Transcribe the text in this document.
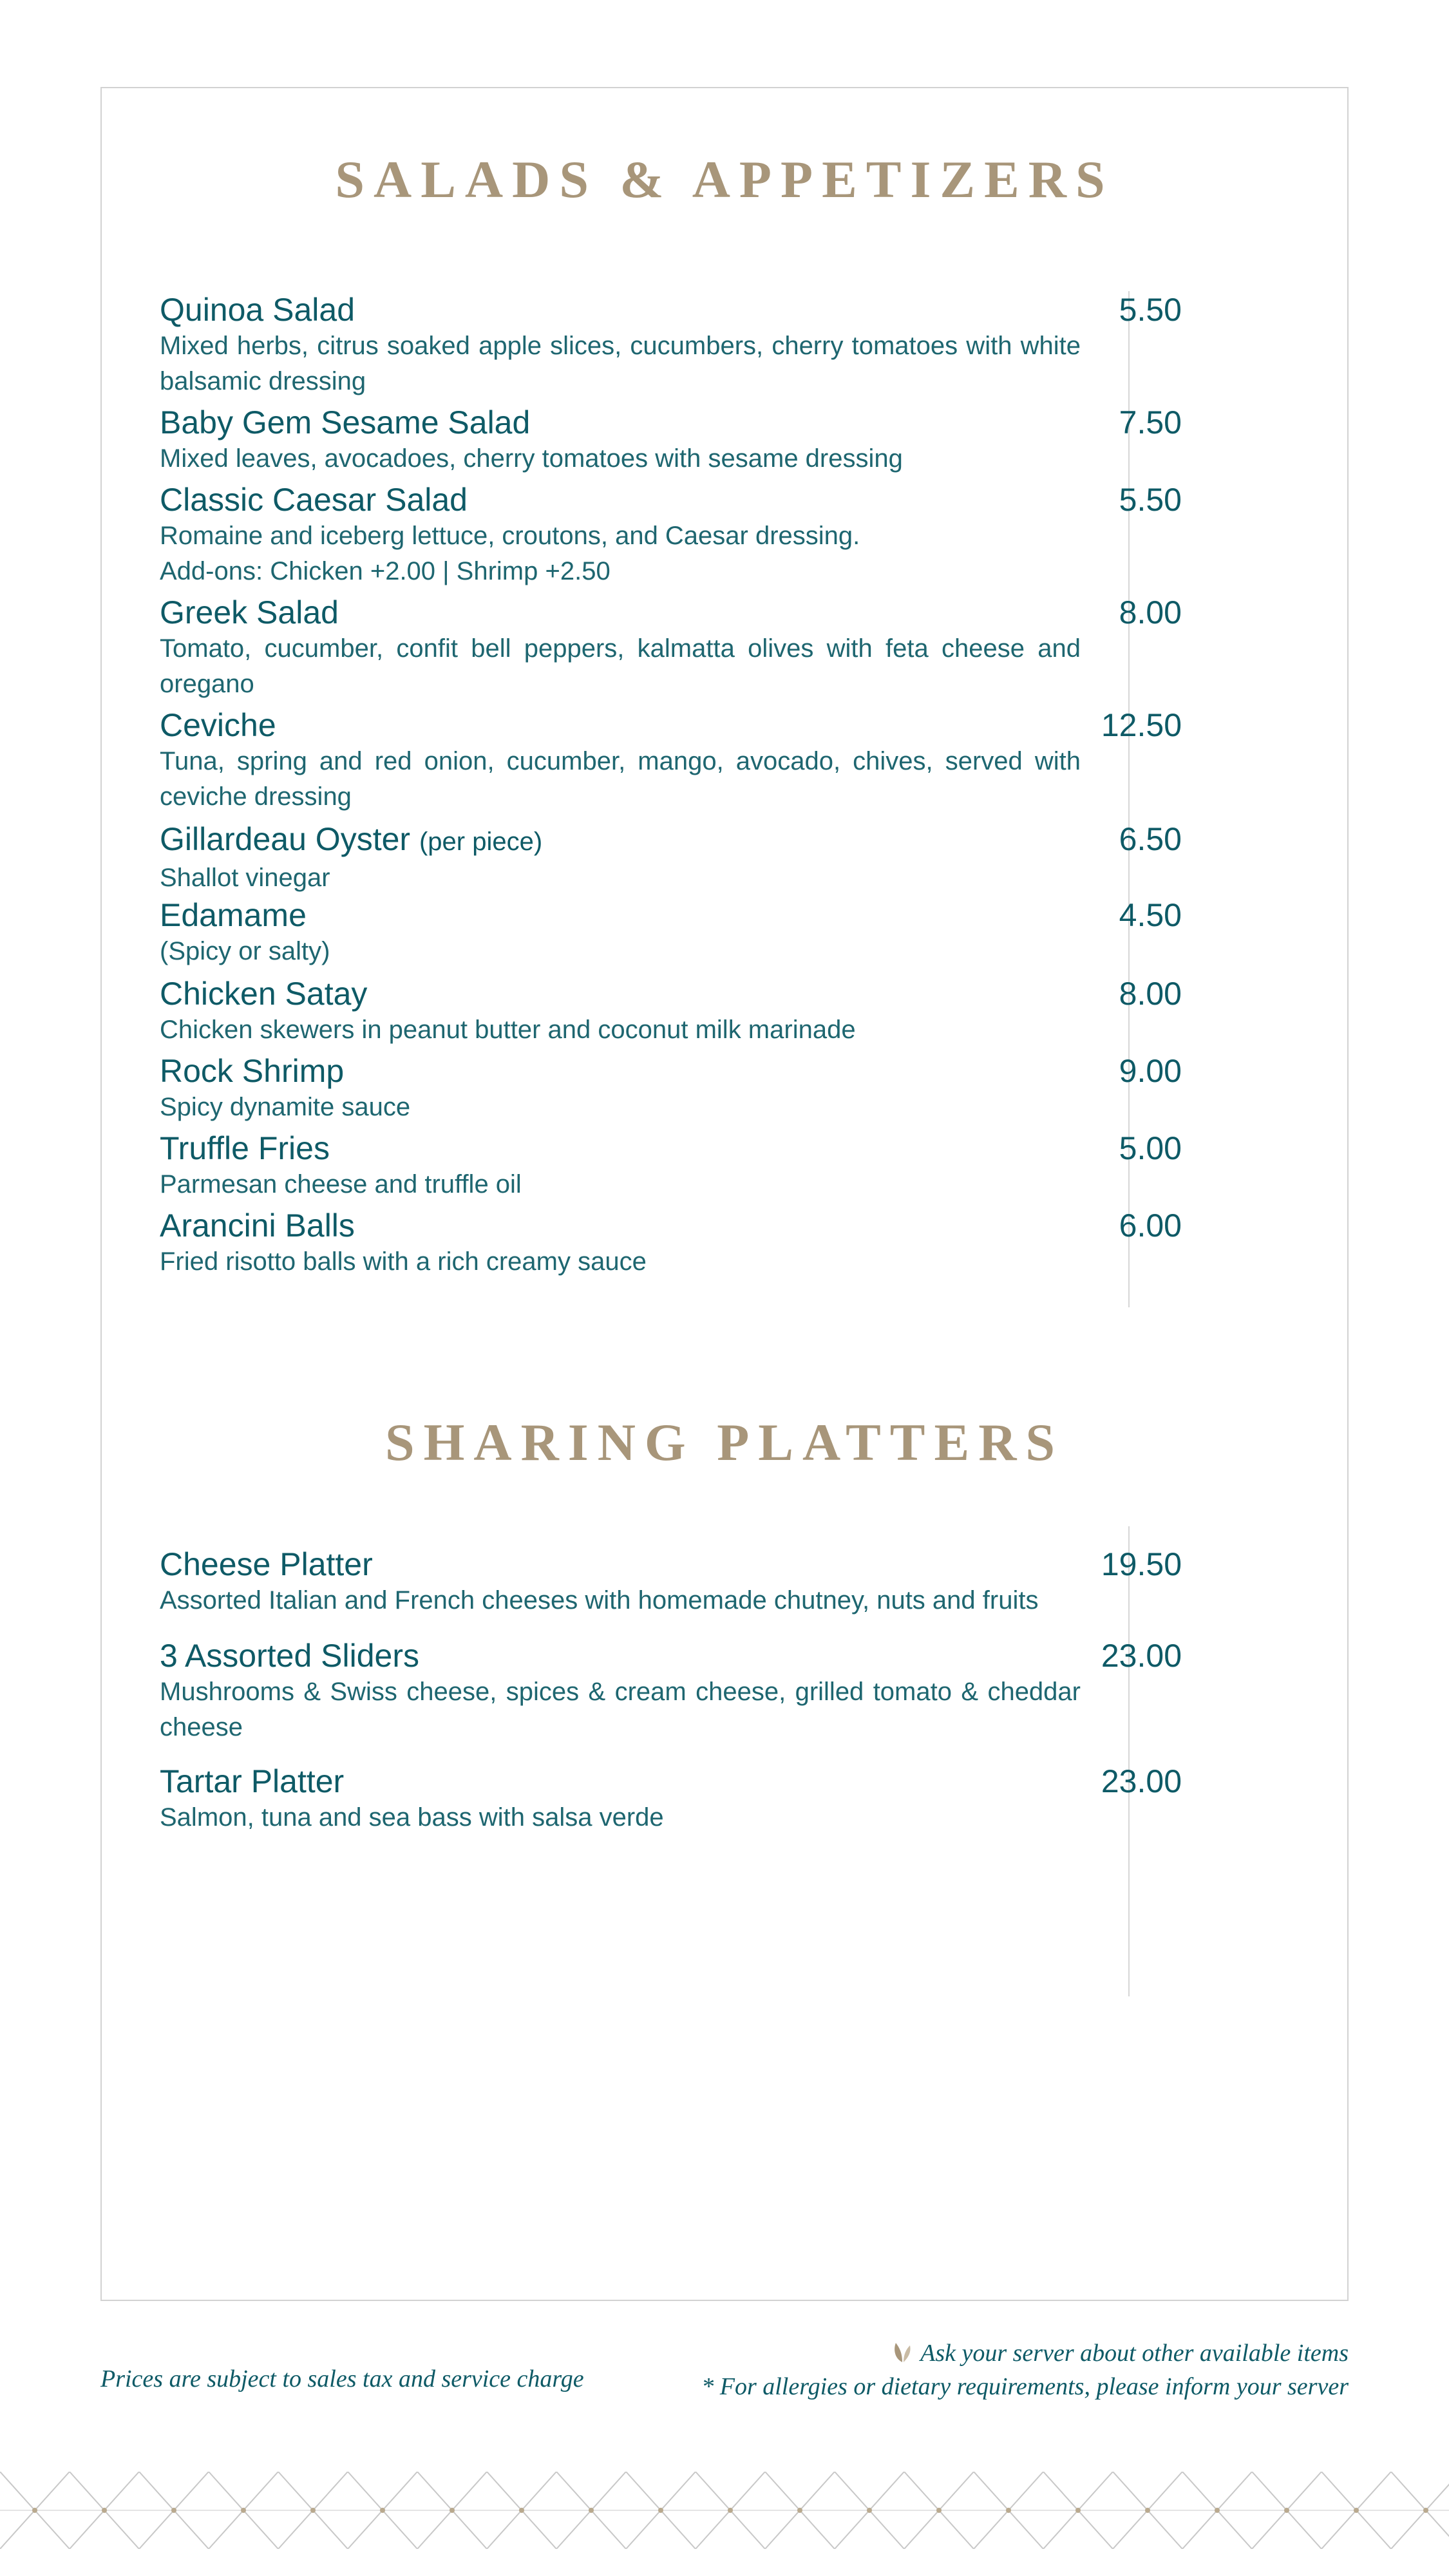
SALADS & APPETIZERS
Quinoa Salad
Mixed herbs, citrus soaked apple slices, cucumbers, cherry tomatoes with white balsamic dressing
5.50
Baby Gem Sesame Salad
Mixed leaves, avocadoes, cherry tomatoes with sesame dressing
7.50
Classic Caesar Salad
Romaine and iceberg lettuce, croutons, and Caesar dressing.
Add-ons: Chicken +2.00 | Shrimp +2.50
5.50
Greek Salad
Tomato, cucumber, confit bell peppers, kalmatta olives with feta cheese and oregano
8.00
Ceviche
Tuna, spring and red onion, cucumber, mango, avocado, chives, served with ceviche dressing
12.50
Gillardeau Oyster (per piece)
Shallot vinegar
6.50
Edamame
(Spicy or salty)
4.50
Chicken Satay
Chicken skewers in peanut butter and coconut milk marinade
8.00
Rock Shrimp
Spicy dynamite sauce
9.00
Truffle Fries
Parmesan cheese and truffle oil
5.00
Arancini Balls
Fried risotto balls with a rich creamy sauce
6.00
SHARING PLATTERS
Cheese Platter
Assorted Italian and French cheeses with homemade chutney, nuts and fruits
19.50
3 Assorted Sliders
Mushrooms & Swiss cheese, spices & cream cheese, grilled tomato & cheddar cheese
23.00
Tartar Platter
Salmon, tuna and sea bass with salsa verde
23.00
Prices are subject to sales tax and service charge
Ask your server about other available items
* For allergies or dietary requirements, please inform your server
